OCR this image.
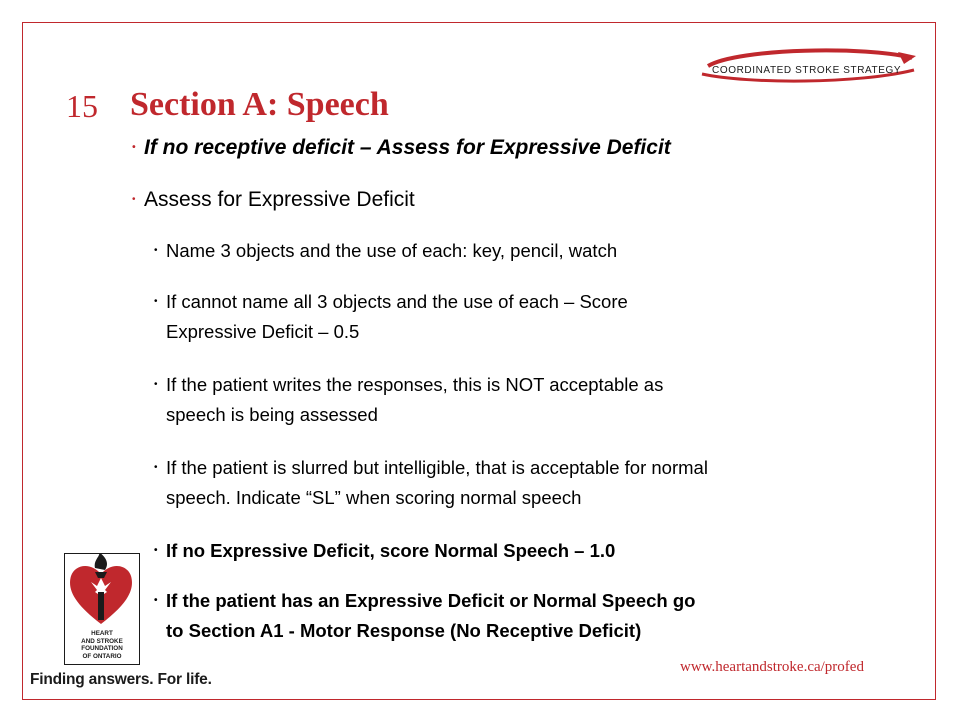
COORDINATED STROKE STRATEGY
15 Section A: Speech
• If no receptive deficit – Assess for Expressive Deficit
• Assess for Expressive Deficit
• Name 3 objects and the use of each: key, pencil, watch
• If cannot name all 3 objects and the use of each – Score
Expressive Deficit – 0.5
• If the patient writes the responses, this is NOT acceptable as
speech is being assessed
• If the patient is slurred but intelligible, that is acceptable for normal
speech. Indicate “SL” when scoring normal speech
• If no Expressive Deficit, score Normal Speech – 1.0
• If the patient has an Expressive Deficit or Normal Speech go
to Section A1 - Motor Response (No Receptive Deficit)
HEART
AND STROKE
FOUNDATION
OF ONTARIO
Finding answers. For life.
www.heartandstroke.ca/profed
